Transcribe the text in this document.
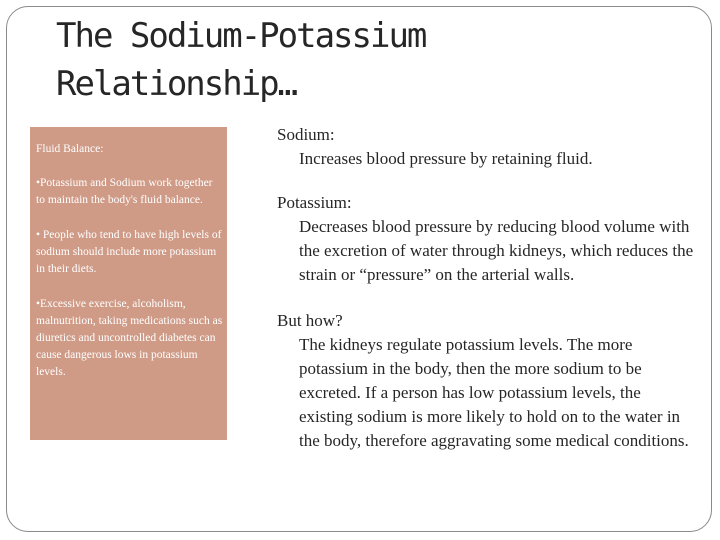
The Sodium-Potassium Relationship…

Fluid Balance:

•Potassium and Sodium work together to maintain the body's fluid balance.

• People who tend to have high levels of sodium should include more potassium in their diets.

•Excessive exercise, alcoholism, malnutrition, taking medications such as diuretics and uncontrolled diabetes can cause dangerous lows in potassium levels.

Sodium:

Increases blood pressure by retaining fluid.

Potassium:

Decreases blood pressure by reducing blood volume with the excretion of water through kidneys, which reduces the strain or “pressure” on the arterial walls.

But how?

The kidneys regulate potassium levels. The more potassium in the body, then the more sodium to be excreted. If a person has low potassium levels, the existing sodium is more likely to hold on to the water in the body, therefore aggravating some medical conditions.
